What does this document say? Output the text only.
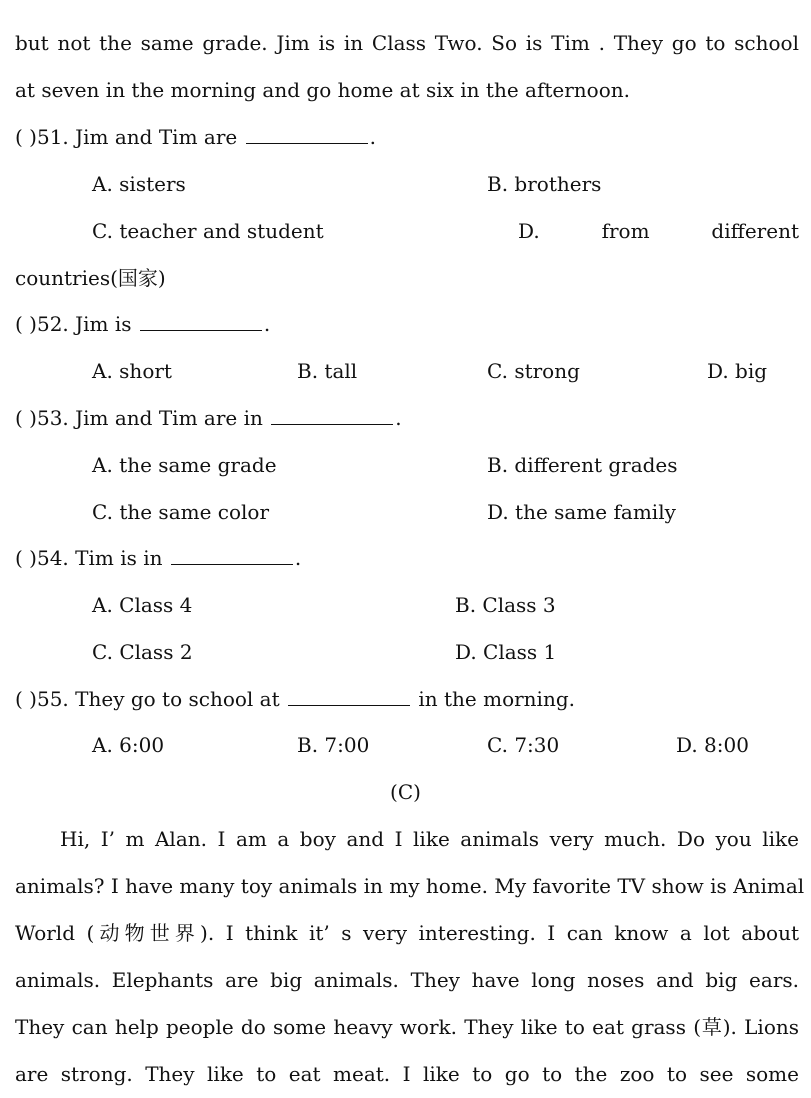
but not the same grade. Jim is in Class Two. So is Tim . They go to school
at seven in the morning and go home at six in the afternoon.
( )51. Jim and Tim are	.
A. sisters	B. brothers
C. teacher and student	D.	from different
countries(国家)
( )52. Jim is	.
A. short	B. tall	C. strong	D. big
( )53. Jim and Tim are in	.
A. the same grade	B. different grades
C. the same color	D. the same family
( )54. Tim is in	.
A. Class 4	B. Class 3
C. Class 2	D. Class 1
( )55. They go to school at	in the morning.
A. 6:00	B. 7:00	C. 7:30	D. 8:00
(C)
Hi, I’ m Alan. I am a boy and I like animals very much. Do you like
animals? I have many toy animals in my home. My favorite TV show is Animal
World (动物世界). I think it’ s very interesting. I can know a lot about
animals. Elephants are big animals. They have long noses and big ears.
They can help people do some heavy work. They like to eat grass (草). Lions
are strong. They like to eat meat. I like to go to the zoo to see some
